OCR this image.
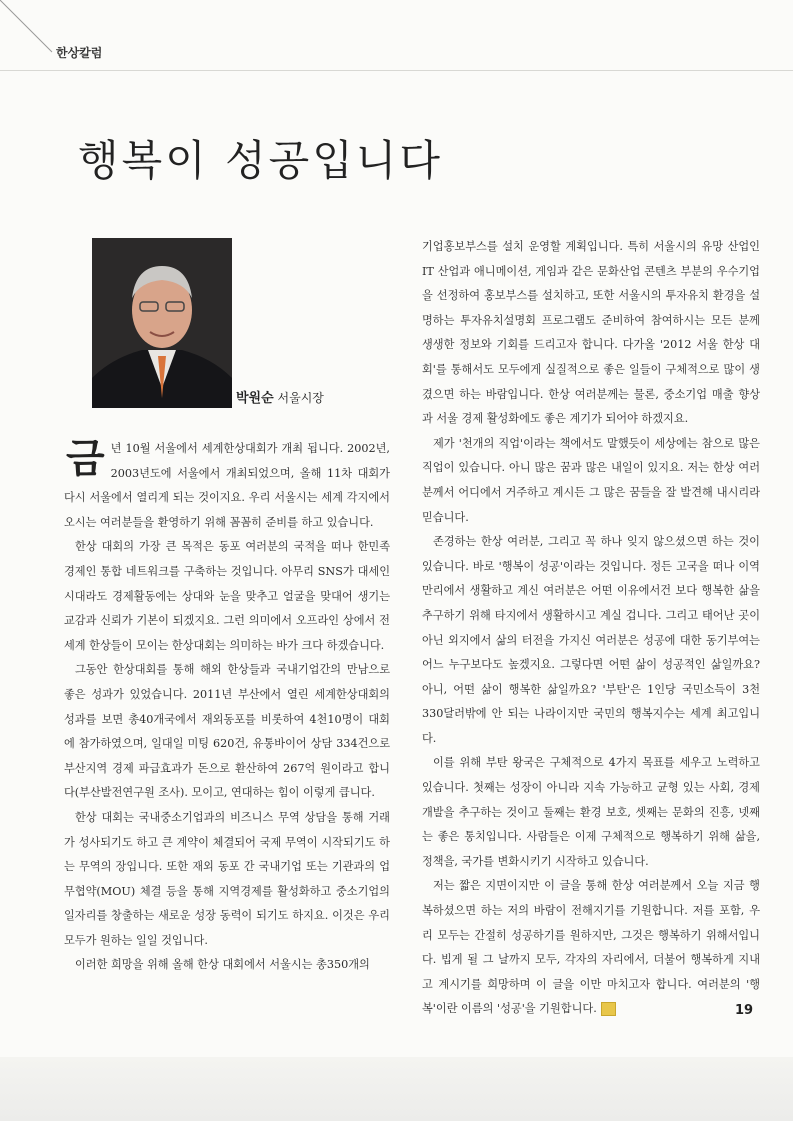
한상칼럼
행복이 성공입니다
박원순 서울시장

금년 10월 서울에서 세계한상대회가 개최 됩니다. 2002년, 2003년도에 서울에서 개최되었으며, 올해 11차 대회가 다시 서울에서 열리게 되는 것이지요. 우리 서울시는 세계 각지에서 오시는 여러분들을 환영하기 위해 꼼꼼히 준비를 하고 있습니다.

한상 대회의 가장 큰 목적은 동포 여러분의 국적을 떠나 한민족 경제인 통합 네트워크를 구축하는 것입니다. 아무리 SNS가 대세인 시대라도 경제활동에는 상대와 눈을 맞추고 얼굴을 맞대어 생기는 교감과 신뢰가 기본이 되겠지요. 그런 의미에서 오프라인 상에서 전 세계 한상들이 모이는 한상대회는 의미하는 바가 크다 하겠습니다.

그동안 한상대회를 통해 해외 한상들과 국내기업간의 만남으로 좋은 성과가 있었습니다. 2011년 부산에서 열린 세계한상대회의 성과를 보면 총40개국에서 재외동포를 비롯하여 4천10명이 대회에 참가하였으며, 일대일 미팅 620건, 유통바이어 상담 334건으로 부산지역 경제 파급효과가 돈으로 환산하여 267억 원이라고 합니다(부산발전연구원 조사). 모이고, 연대하는 힘이 이렇게 큽니다.

한상 대회는 국내중소기업과의 비즈니스 무역 상담을 통해 거래가 성사되기도 하고 큰 계약이 체결되어 국제 무역이 시작되기도 하는 무역의 장입니다. 또한 재외 동포 간 국내기업 또는 기관과의 업무협약(MOU) 체결 등을 통해 지역경제를 활성화하고 중소기업의 일자리를 창출하는 새로운 성장 동력이 되기도 하지요. 이것은 우리 모두가 원하는 일일 것입니다.

이러한 희망을 위해 올해 한상 대회에서 서울시는 총350개의

기업홍보부스를 설치 운영할 계획입니다. 특히 서울시의 유망 산업인 IT 산업과 애니메이션, 게임과 같은 문화산업 콘텐츠 부분의 우수기업을 선정하여 홍보부스를 설치하고, 또한 서울시의 투자유치 환경을 설명하는 투자유치설명회 프로그램도 준비하여 참여하시는 모든 분께 생생한 정보와 기회를 드리고자 합니다. 다가올 '2012 서울 한상 대회'를 통해서도 모두에게 실질적으로 좋은 일들이 구체적으로 많이 생겼으면 하는 바람입니다. 한상 여러분께는 물론, 중소기업 매출 향상과 서울 경제 활성화에도 좋은 계기가 되어야 하겠지요.

제가 '천개의 직업'이라는 책에서도 말했듯이 세상에는 참으로 많은 직업이 있습니다. 아니 많은 꿈과 많은 내일이 있지요. 저는 한상 여러분께서 어디에서 거주하고 계시든 그 많은 꿈들을 잘 발견해 내시리라 믿습니다.

존경하는 한상 여러분, 그리고 꼭 하나 잊지 않으셨으면 하는 것이 있습니다. 바로 '행복이 성공'이라는 것입니다. 정든 고국을 떠나 이역만리에서 생활하고 계신 여러분은 어떤 이유에서건 보다 행복한 삶을 추구하기 위해 타지에서 생활하시고 계실 겁니다. 그리고 태어난 곳이 아닌 외지에서 삶의 터전을 가지신 여러분은 성공에 대한 동기부여는 어느 누구보다도 높겠지요. 그렇다면 어떤 삶이 성공적인 삶일까요? 아니, 어떤 삶이 행복한 삶일까요? '부탄'은 1인당 국민소득이 3천330달러밖에 안 되는 나라이지만 국민의 행복지수는 세계 최고입니다.

이를 위해 부탄 왕국은 구체적으로 4가지 목표를 세우고 노력하고 있습니다. 첫째는 성장이 아니라 지속 가능하고 균형 있는 사회, 경제 개발을 추구하는 것이고 둘째는 환경 보호, 셋째는 문화의 진흥, 넷째는 좋은 통치입니다. 사람들은 이제 구체적으로 행복하기 위해 삶을, 정책을, 국가를 변화시키기 시작하고 있습니다.

저는 짧은 지면이지만 이 글을 통해 한상 여러분께서 오늘 지금 행복하셨으면 하는 저의 바람이 전해지기를 기원합니다. 저를 포함, 우리 모두는 간절히 성공하기를 원하지만, 그것은 행복하기 위해서입니다. 빕게 될 그 날까지 모두, 각자의 자리에서, 더불어 행복하게 지내고 계시기를 희망하며 이 글을 이만 마치고자 합니다. 여러분의 '행복'이란 이름의 '성공'을 기원합니다.	19
